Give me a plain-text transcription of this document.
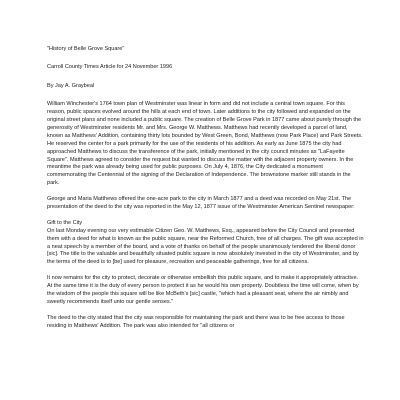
"History of Belle Grove Square"
Carroll County Times Article for 24 November 1996
By Jay A. Graybeal

William Winchester's 1764 town plan of Westminster was linear in form and did not include a central town square. For this reason, public spaces evolved around the hills at each end of town. Later additions to the city followed and expanded on the original street plans and none included a public square. The creation of Belle Grove Park in 1877 came about purely through the generosity of Westminster residents Mr. and Mrs. George W. Matthews. Matthews had recently developed a parcel of land, known as Matthews' Addition, containing thirty lots bounded by West Green, Bond, Matthews (now Park Place) and Park Streets. He reserved the center for a park primarily for the use of the residents of his addition. As early as June 1875 the city had approached Matthews to discuss the transference of the park, initially mentioned in the city council minutes as "LaFayette Square". Matthews agreed to consider the request but wanted to discuss the matter with the adjacent property owners. In the meantime the park was already being used for public purposes. On July 4, 1876, the City dedicated a monument commemorating the Centennial of the signing of the Declaration of Independence. The brownstone marker still stands in the park.

George and Maria Matthews offered the one-acre park to the city in March 1877 and a deed was recorded on May 21st. The presentation of the deed to the city was reported in the May 12, 1877 issue of the Westminster American Sentinel newspaper:

Gift to the City

On last Monday evening our very estimable Citizen Geo. W. Matthews, Esq., appeared before the City Council and presented them with a deed for what is known as the public square, near the Reformed Church, free of all charges. The gift was accepted in a neat speech by a member of the board, and a vote of thanks on behalf of the people unanimously tendered the liberal donor [sic]. The title to the valuable and beautifully situated public square is now absolutely invested in the city of Westminster, and by the terms of the deed is to [be] used for pleasure, recreation and peaceable gatherings, free for all citizens.

It now remains for the city to protect, decorate or otherwise embellish this public square, and to make it appropriately attractive. At the same time it is the duty of every person to protect it as he would his own property. Doubtless the time will come, when by the wisdom of the people this square will be like McBeth's [sic] castle, "which had a pleasant seat, where the air nimbly and sweetly recommends itself unto our gentle senses."

The deed to the city stated that the city was responsible for maintaining the park and there was to be free access to those residing in Matthews' Addition. The park was also intended for "all citizens or
